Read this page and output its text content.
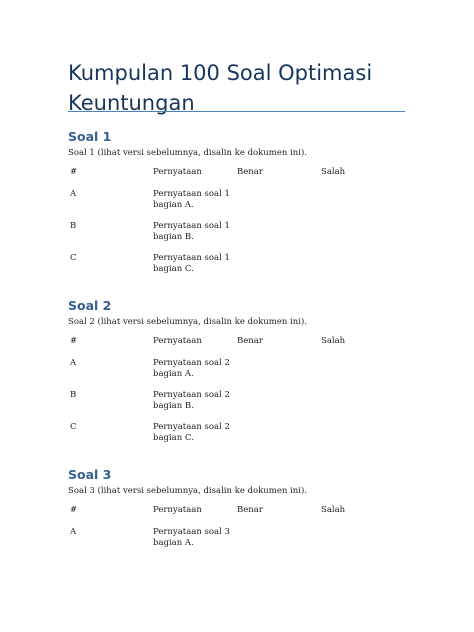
Kumpulan 100 Soal Optimasi Keuntungan
Soal 1
Soal 1 (lihat versi sebelumnya, disalin ke dokumen ini).
#	Pernyataan	Benar	Salah
A	Pernyataan soal 1 bagian A.
B	Pernyataan soal 1 bagian B.
C	Pernyataan soal 1 bagian C.
Soal 2
Soal 2 (lihat versi sebelumnya, disalin ke dokumen ini).
#	Pernyataan	Benar	Salah
A	Pernyataan soal 2 bagian A.
B	Pernyataan soal 2 bagian B.
C	Pernyataan soal 2 bagian C.
Soal 3
Soal 3 (lihat versi sebelumnya, disalin ke dokumen ini).
#	Pernyataan	Benar	Salah
A	Pernyataan soal 3 bagian A.
